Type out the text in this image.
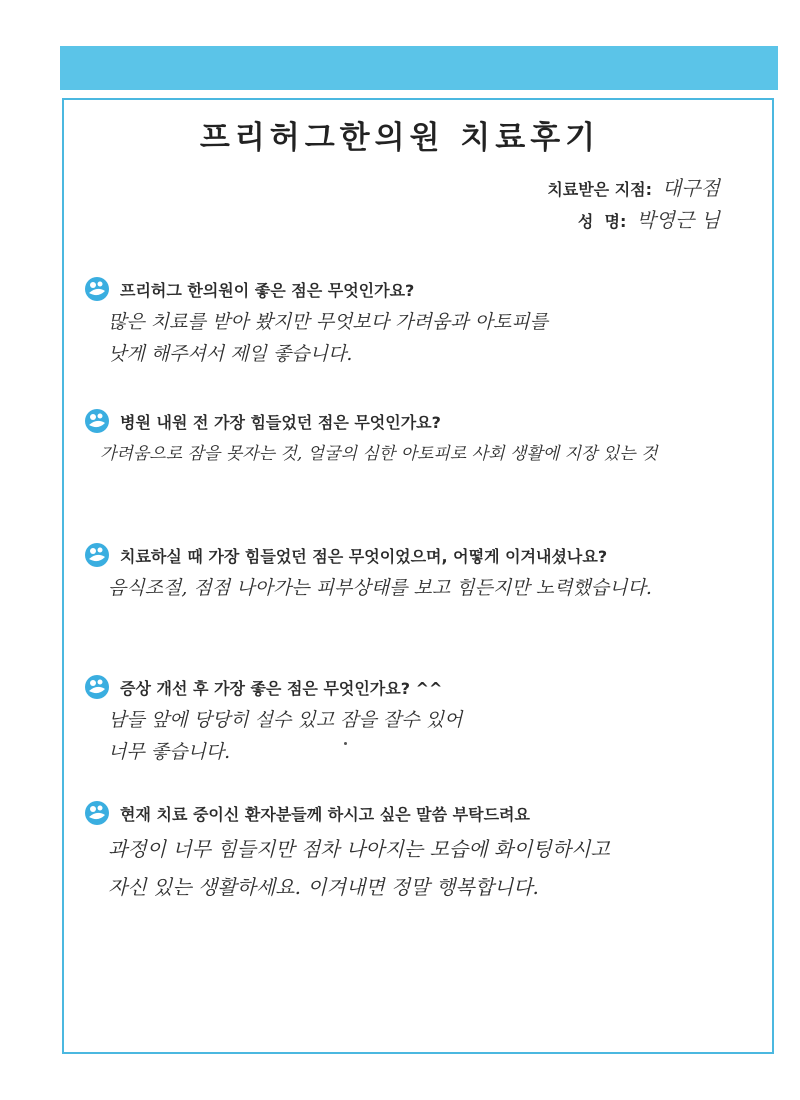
프리허그한의원 치료후기
치료받은 지점: 대구점
성  명: 박영근 님
프리허그 한의원이 좋은 점은 무엇인가요?
많은 치료를 받아 봤지만 무엇보다 가려움과 아토피를
낫게 해주셔서 제일 좋습니다.
병원 내원 전 가장 힘들었던 점은 무엇인가요?
가려움으로 잠을 못자는 것, 얼굴의 심한 아토피로 사회 생활에 지장 있는 것
치료하실 때 가장 힘들었던 점은 무엇이었으며, 어떻게 이겨내셨나요?
음식조절, 점점 나아가는 피부상태를 보고 힘든지만 노력했습니다.
증상 개선 후 가장 좋은 점은 무엇인가요? ^^
남들 앞에 당당히 설수 있고 잠을 잘수 있어
너무 좋습니다.
현재 치료 중이신 환자분들께 하시고 싶은 말씀 부탁드려요
과정이 너무 힘들지만 점차 나아지는 모습에 화이팅하시고
자신 있는 생활하세요. 이겨내면 정말 행복합니다.
